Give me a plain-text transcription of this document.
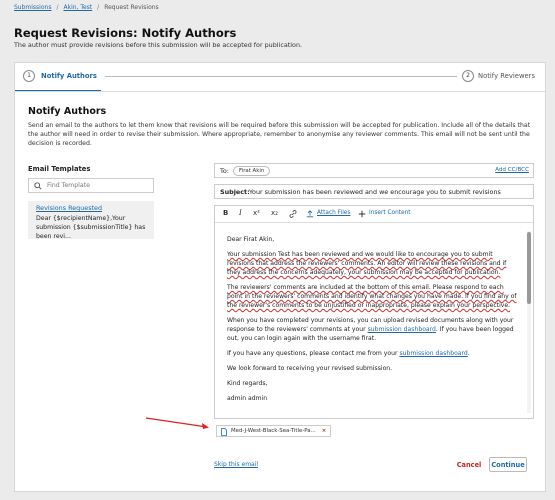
Submissions / Akin, Test / Request Revisions
Request Revisions: Notify Authors
The author must provide revisions before this submission will be accepted for publication.
1	Notify Authors	2	Notify Reviewers
Notify Authors
Send an email to the authors to let them know that revisions will be required before this submission will be accepted for publication. Include all of the details that the author will need in order to revise their submission. Where appropriate, remember to anonymise any reviewer comments. This email will not be sent until the decision is recorded.
Email Templates
Find Template
Revisions Requested
Dear {$recipientName},Your submission {$submissionTitle} has been revi...
To:	Firat Akin	Add CC/BCC
Subject: Your submission has been reviewed and we encourage you to submit revisions
B I x² x₂	Attach Files	Insert Content

Dear Firat Akin,

Your submission Test has been reviewed and we would like to encourage you to submit revisions that address the reviewers' comments. An editor will review these revisions and if they address the concerns adequately, your submission may be accepted for publication.

The reviewers' comments are included at the bottom of this email. Please respond to each point in the reviewers' comments and identify what changes you have made. If you find any of the reviewer's comments to be unjustified or inappropriate, please explain your perspective.

When you have completed your revisions, you can upload revised documents along with your response to the reviewers' comments at your submission dashboard. If you have been logged out, you can login again with the username firat.

If you have any questions, please contact me from your submission dashboard.

We look forward to receiving your revised submission.

Kind regards,

admin admin

Med-J-West-Black-Sea-Title-Pa... ×
Skip this email	Cancel	Continue
